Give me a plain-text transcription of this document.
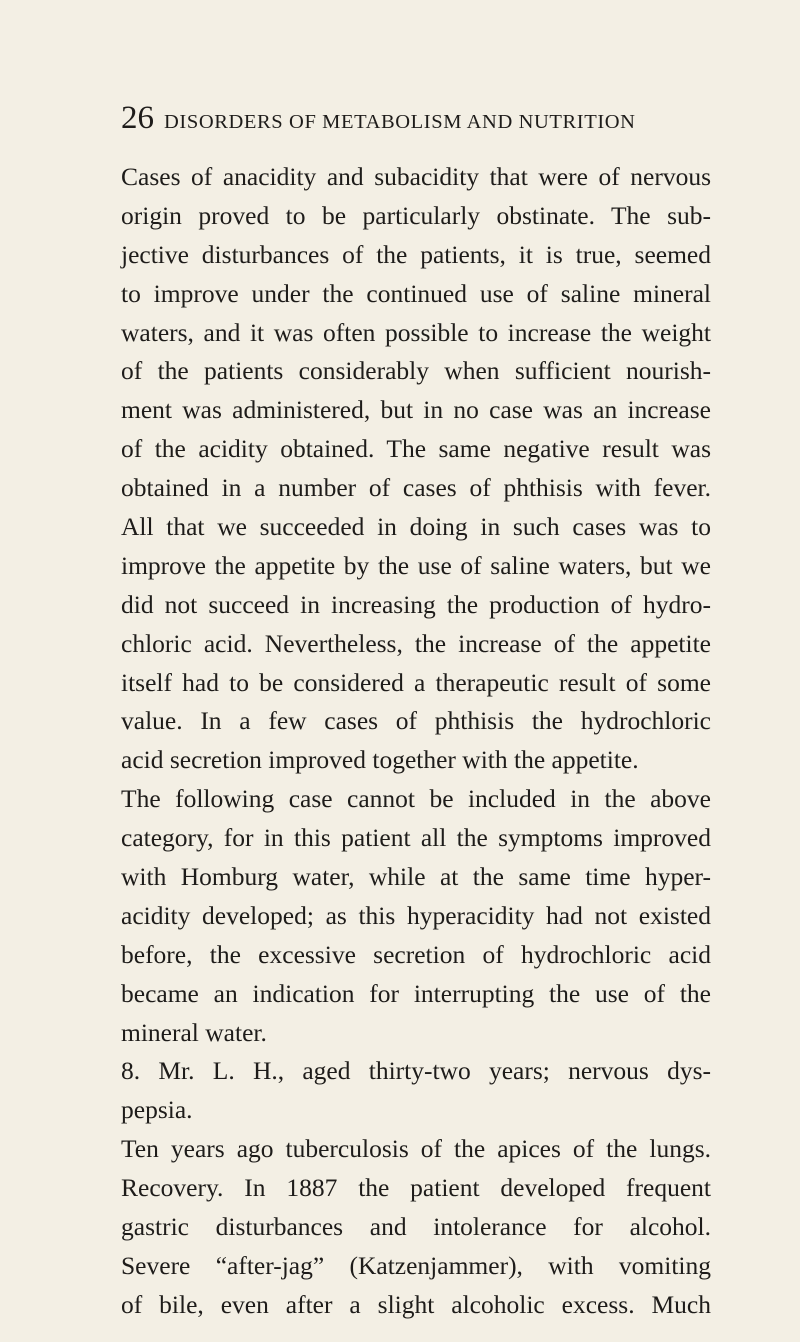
26 DISORDERS OF METABOLISM AND NUTRITION
Cases of anacidity and subacidity that were of nervous
origin proved to be particularly obstinate. The sub-
jective disturbances of the patients, it is true, seemed
to improve under the continued use of saline mineral
waters, and it was often possible to increase the weight
of the patients considerably when sufficient nourish-
ment was administered, but in no case was an increase
of the acidity obtained. The same negative result was
obtained in a number of cases of phthisis with fever.
All that we succeeded in doing in such cases was to
improve the appetite by the use of saline waters, but we
did not succeed in increasing the production of hydro-
chloric acid. Nevertheless, the increase of the appetite
itself had to be considered a therapeutic result of some
value. In a few cases of phthisis the hydrochloric
acid secretion improved together with the appetite.
The following case cannot be included in the above
category, for in this patient all the symptoms improved
with Homburg water, while at the same time hyper-
acidity developed; as this hyperacidity had not existed
before, the excessive secretion of hydrochloric acid
became an indication for interrupting the use of the
mineral water.
8. Mr. L. H., aged thirty-two years; nervous dys-
pepsia.
Ten years ago tuberculosis of the apices of the lungs.
Recovery. In 1887 the patient developed frequent
gastric disturbances and intolerance for alcohol.
Severe “after-jag” (Katzenjammer), with vomiting
of bile, even after a slight alcoholic excess. Much
